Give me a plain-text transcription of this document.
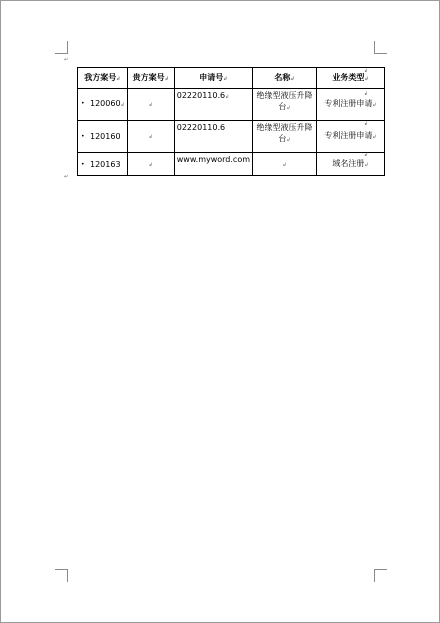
↵
↵
我方案号↲	贵方案号↲	申请号↲	名称↲	业务类型↲
• 120060↲	↲	02220110.6↲	绝缘型液压升降台↲	专利注册申请↲
• 120160	↲	02220110.6	绝缘型液压升降台↲	专利注册申请↲
• 120163	↲	www.myword.com	↲	域名注册↲
↲
↲
↲
↲
